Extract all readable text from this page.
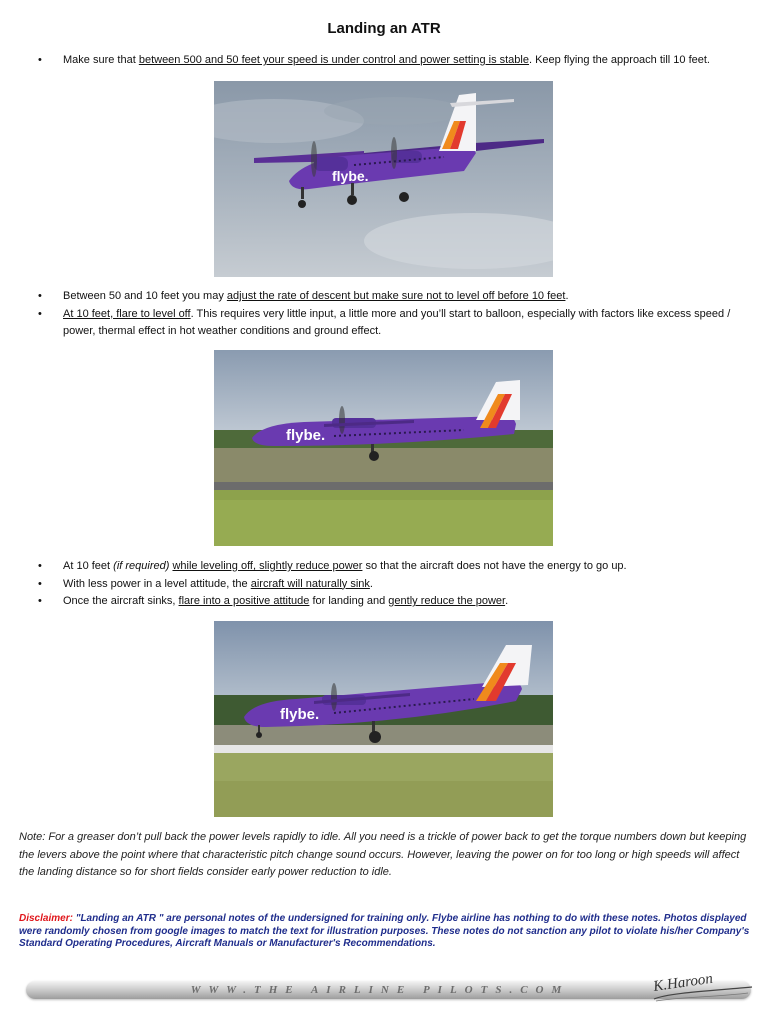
Landing an ATR
• Make sure that between 500 and 50 feet your speed is under control and power setting is stable. Keep flying the approach till 10 feet.
flybe.
• Between 50 and 10 feet you may adjust the rate of descent but make sure not to level off before 10 feet.
• At 10 feet, flare to level off. This requires very little input, a little more and you’ll start to balloon, especially with factors like excess speed / power, thermal effect in hot weather conditions and ground effect.
flybe.
• At 10 feet (if required) while leveling off, slightly reduce power so that the aircraft does not have the energy to go up.
• With less power in a level attitude, the aircraft will naturally sink.
• Once the aircraft sinks, flare into a positive attitude for landing and gently reduce the power.
flybe.
Note: For a greaser don’t pull back the power levels rapidly to idle. All you need is a trickle of power back to get the torque numbers down but keeping the levers above the point where that characteristic pitch change sound occurs. However, leaving the power on for too long or high speeds will affect the landing distance so for short fields consider early power reduction to idle.
Disclaimer: "Landing an ATR " are personal notes of the undersigned for training only. Flybe airline has nothing to do with these notes. Photos displayed were randomly chosen from google images to match the text for illustration purposes. These notes do not sanction any pilot to violate his/her Company's Standard Operating Procedures, Aircraft Manuals or Manufacturer's Recommendations.
WWW.THE AIRLINE PILOTS.COM	K.Haroon
